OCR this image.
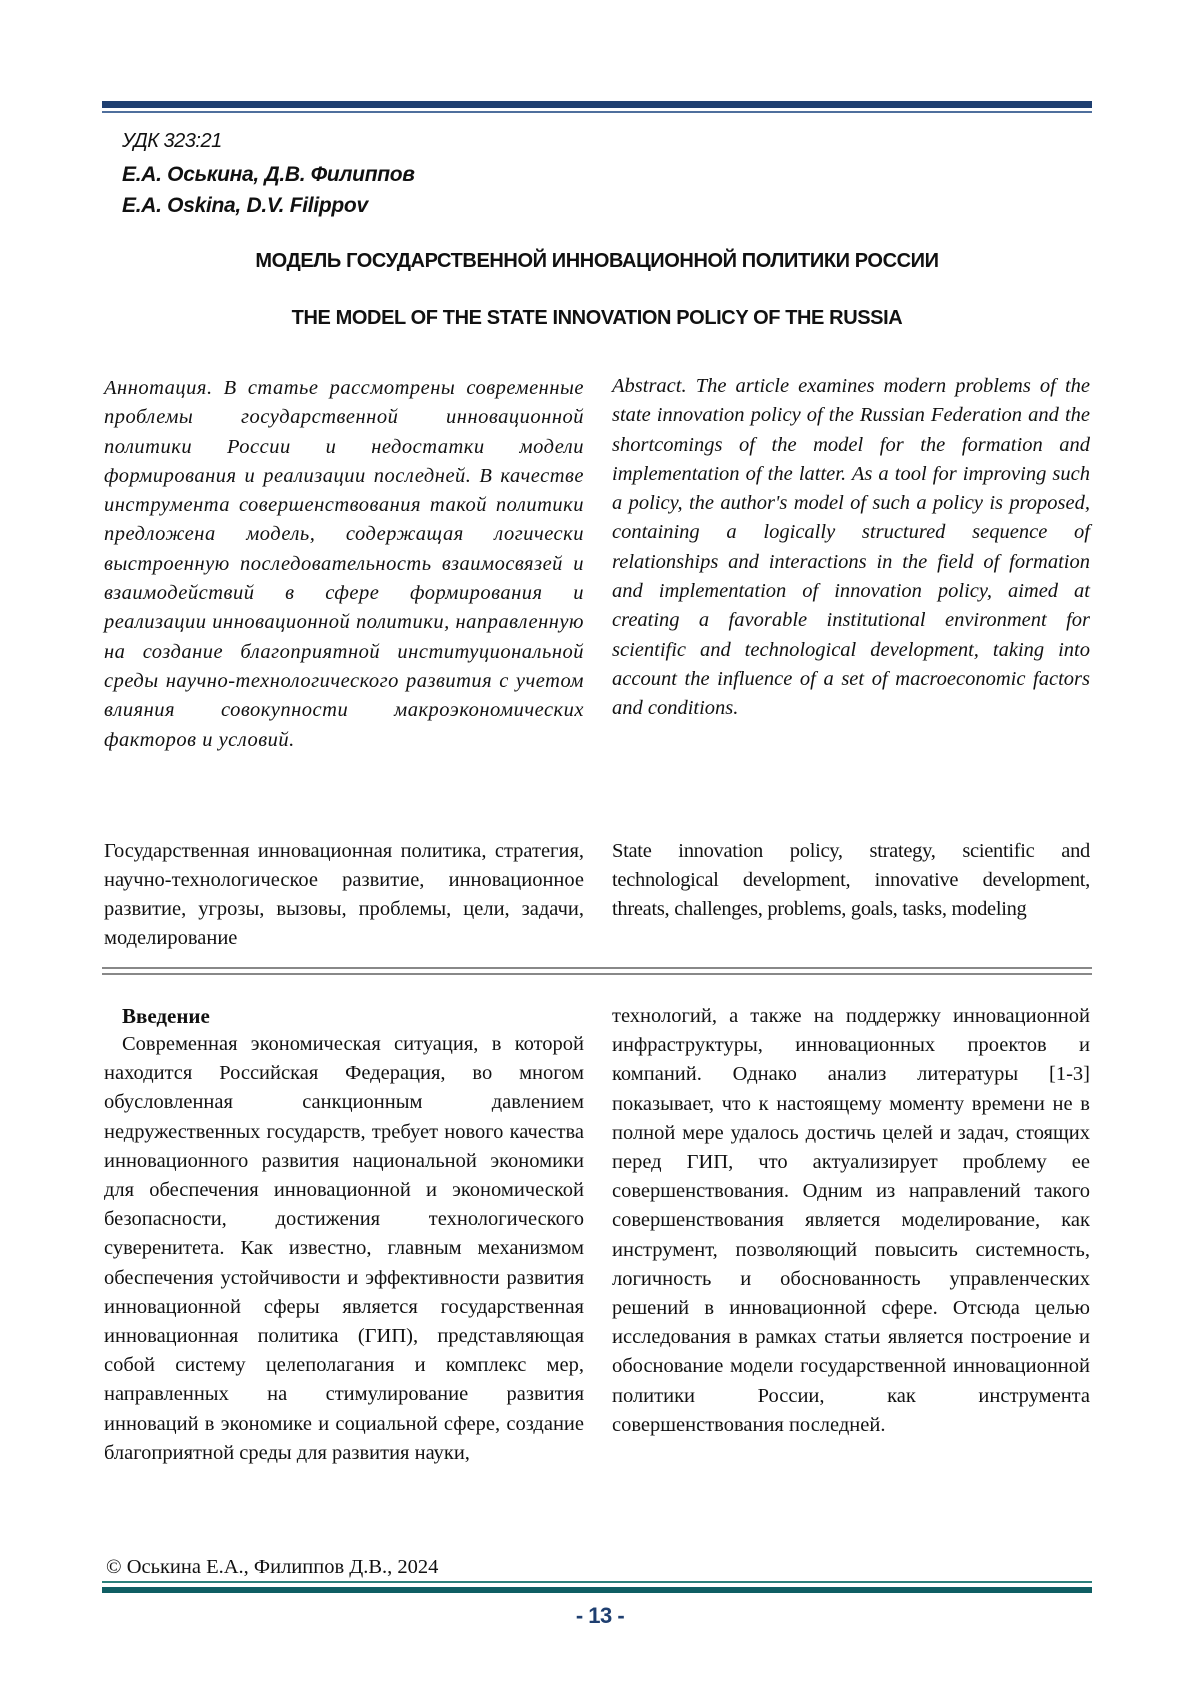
УДК 323:21
Е.А. Оськина, Д.В. Филиппов
E.A. Oskina, D.V. Filippov
МОДЕЛЬ ГОСУДАРСТВЕННОЙ ИННОВАЦИОННОЙ ПОЛИТИКИ РОССИИ
THE MODEL OF THE STATE INNOVATION POLICY OF THE RUSSIA
Аннотация. В статье рассмотрены современные проблемы государственной инновационной политики России и недостатки модели формирования и реализации последней. В качестве инструмента совершенствования такой политики предложена модель, содержащая логически выстроенную последовательность взаимосвязей и взаимодействий в сфере формирования и реализации инновационной политики, направленную на создание благоприятной институциональной среды научно-технологического развития с учетом влияния совокупности макроэкономических факторов и условий.
Abstract. The article examines modern problems of the state innovation policy of the Russian Federation and the shortcomings of the model for the formation and implementation of the latter. As a tool for improving such a policy, the author's model of such a policy is proposed, containing a logically structured sequence of relationships and interactions in the field of formation and implementation of innovation policy, aimed at creating a favorable institutional environment for scientific and technological development, taking into account the influence of a set of macroeconomic factors and conditions.
Государственная инновационная политика, стратегия, научно-технологическое развитие, инновационное развитие, угрозы, вызовы, проблемы, цели, задачи, моделирование
State innovation policy, strategy, scientific and technological development, innovative development, threats, challenges, problems, goals, tasks, modeling
Введение
Современная экономическая ситуация, в которой находится Российская Федерация, во многом обусловленная санкционным давлением недружественных государств, требует нового качества инновационного развития национальной экономики для обеспечения инновационной и экономической безопасности, достижения технологического суверенитета. Как известно, главным механизмом обеспечения устойчивости и эффективности развития инновационной сферы является государственная инновационная политика (ГИП), представляющая собой систему целеполагания и комплекс мер, направленных на стимулирование развития инноваций в экономике и социальной сфере, создание благоприятной среды для развития науки,
технологий, а также на поддержку инновационной инфраструктуры, инновационных проектов и компаний. Однако анализ литературы [1-3] показывает, что к настоящему моменту времени не в полной мере удалось достичь целей и задач, стоящих перед ГИП, что актуализирует проблему ее совершенствования. Одним из направлений такого совершенствования является моделирование, как инструмент, позволяющий повысить системность, логичность и обоснованность управленческих решений в инновационной сфере. Отсюда целью исследования в рамках статьи является построение и обоснование модели государственной инновационной политики России, как инструмента совершенствования последней.
© Оськина Е.А., Филиппов Д.В., 2024
- 13 -
